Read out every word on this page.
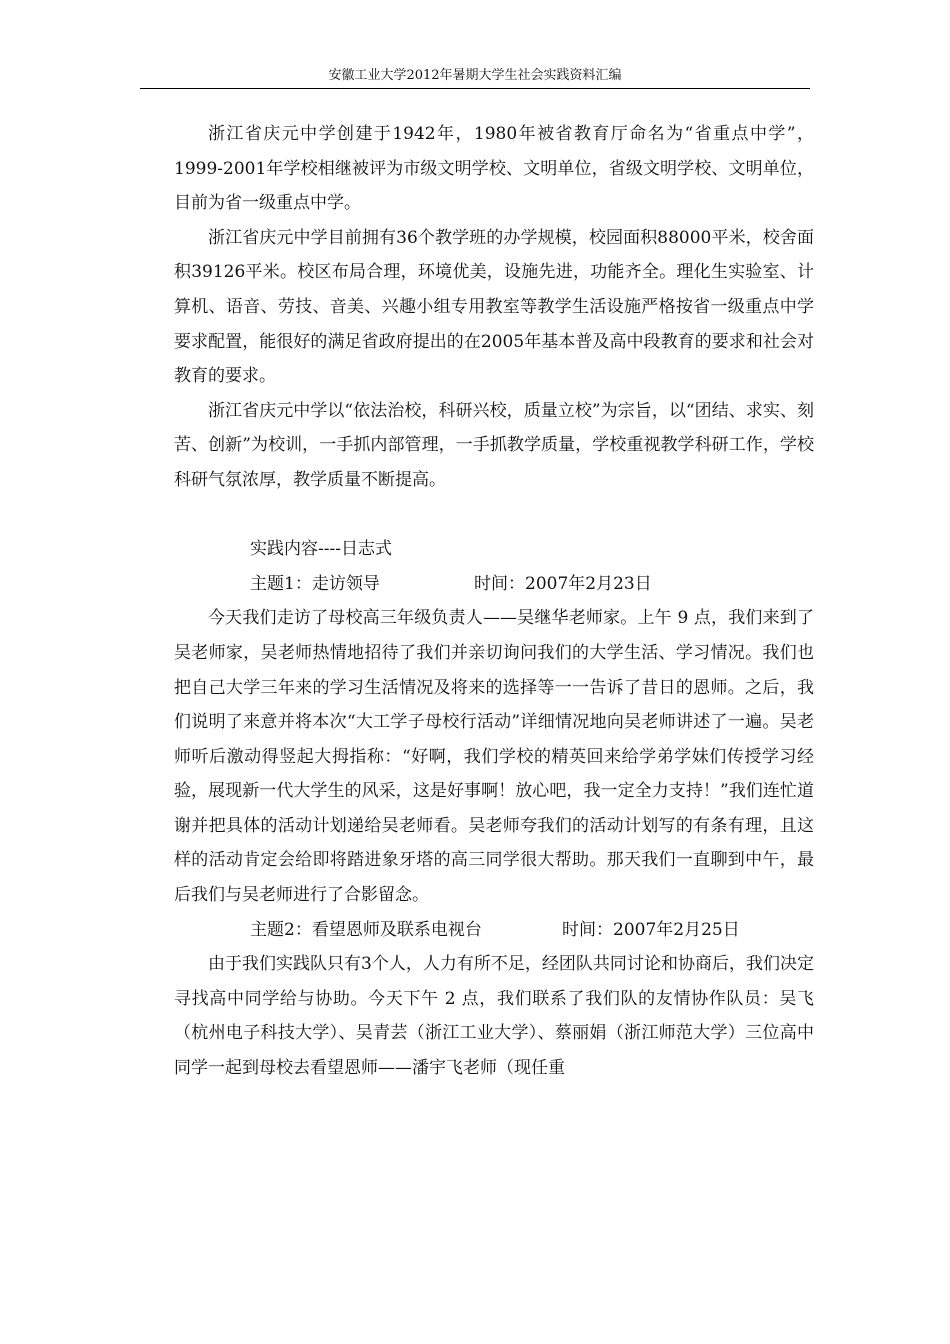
安徽工业大学2012年暑期大学生社会实践资料汇编

浙江省庆元中学创建于1942年，1980年被省教育厅命名为“省重点中学”，1999-2001年学校相继被评为市级文明学校、文明单位，省级文明学校、文明单位，目前为省一级重点中学。

浙江省庆元中学目前拥有36个教学班的办学规模，校园面积88000平米，校舍面积39126平米。校区布局合理，环境优美，设施先进，功能齐全。理化生实验室、计算机、语音、劳技、音美、兴趣小组专用教室等教学生活设施严格按省一级重点中学要求配置，能很好的满足省政府提出的在2005年基本普及高中段教育的要求和社会对教育的要求。

浙江省庆元中学以“依法治校，科研兴校，质量立校”为宗旨，以“团结、求实、刻苦、创新”为校训，一手抓内部管理，一手抓教学质量，学校重视教学科研工作，学校科研气氛浓厚，教学质量不断提高。

实践内容----日志式

主题1：走访领导	时间：2007年2月23日

今天我们走访了母校高三年级负责人——吴继华老师家。上午 9 点，我们来到了吴老师家，吴老师热情地招待了我们并亲切询问我们的大学生活、学习情况。我们也把自己大学三年来的学习生活情况及将来的选择等一一告诉了昔日的恩师。之后，我们说明了来意并将本次“大工学子母校行活动”详细情况地向吴老师讲述了一遍。吴老师听后激动得竖起大拇指称：“好啊，我们学校的精英回来给学弟学妹们传授学习经验，展现新一代大学生的风采，这是好事啊！放心吧，我一定全力支持！”我们连忙道谢并把具体的活动计划递给吴老师看。吴老师夸我们的活动计划写的有条有理，且这样的活动肯定会给即将踏进象牙塔的高三同学很大帮助。那天我们一直聊到中午，最后我们与吴老师进行了合影留念。

主题2：看望恩师及联系电视台	时间：2007年2月25日

由于我们实践队只有3个人，人力有所不足，经团队共同讨论和协商后，我们决定寻找高中同学给与协助。今天下午 2 点，我们联系了我们队的友情协作队员：吴飞（杭州电子科技大学）、吴青芸（浙江工业大学）、蔡丽娟（浙江师范大学）三位高中同学一起到母校去看望恩师——潘宇飞老师（现任重
